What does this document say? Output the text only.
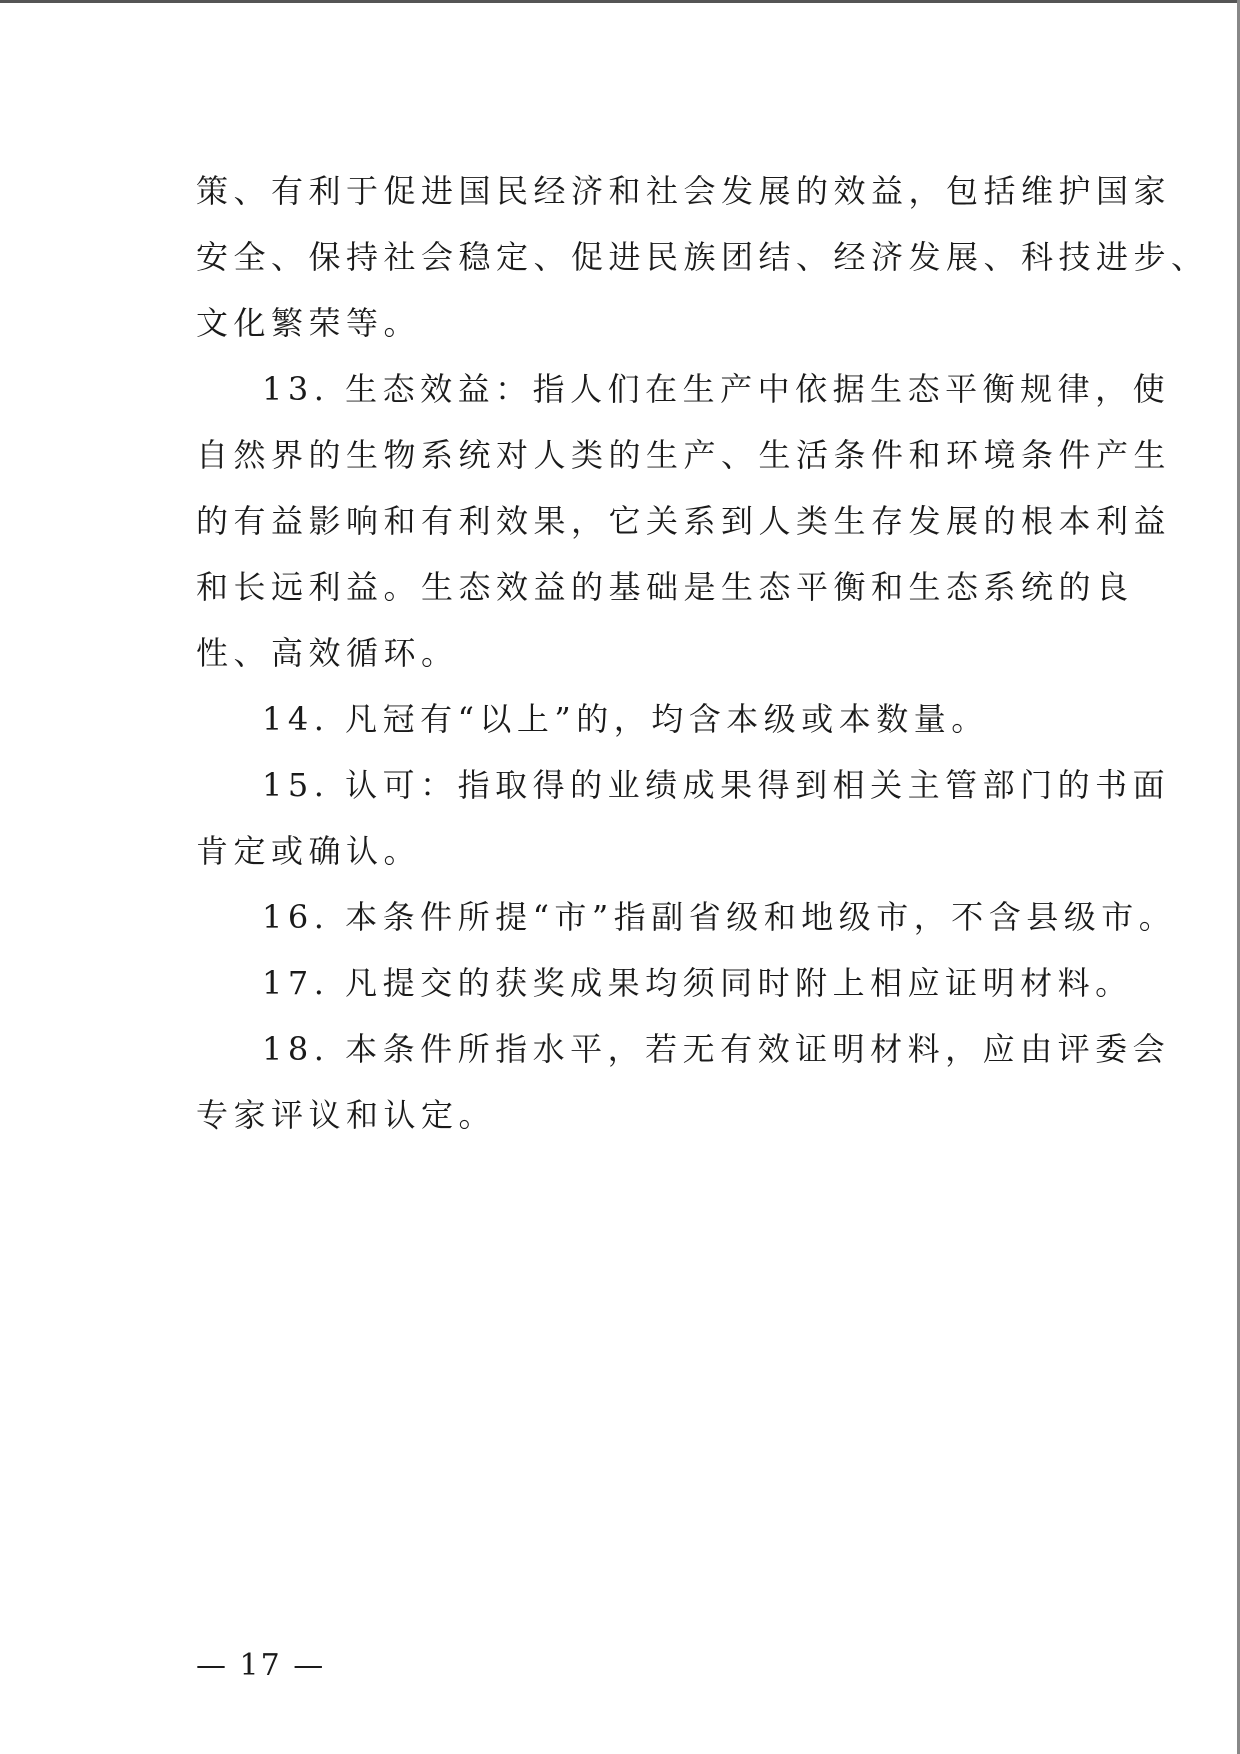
策、有利于促进国民经济和社会发展的效益，包括维护国家

安全、保持社会稳定、促进民族团结、经济发展、科技进步、

文化繁荣等。

13. 生态效益：指人们在生产中依据生态平衡规律，使

自然界的生物系统对人类的生产、生活条件和环境条件产生

的有益影响和有利效果，它关系到人类生存发展的根本利益

和长远利益。生态效益的基础是生态平衡和生态系统的良

性、高效循环。

14. 凡冠有“以上”的，均含本级或本数量。

15. 认可：指取得的业绩成果得到相关主管部门的书面

肯定或确认。

16. 本条件所提“市”指副省级和地级市，不含县级市。

17. 凡提交的获奖成果均须同时附上相应证明材料。

18. 本条件所指水平，若无有效证明材料，应由评委会

专家评议和认定。

— 17 —
